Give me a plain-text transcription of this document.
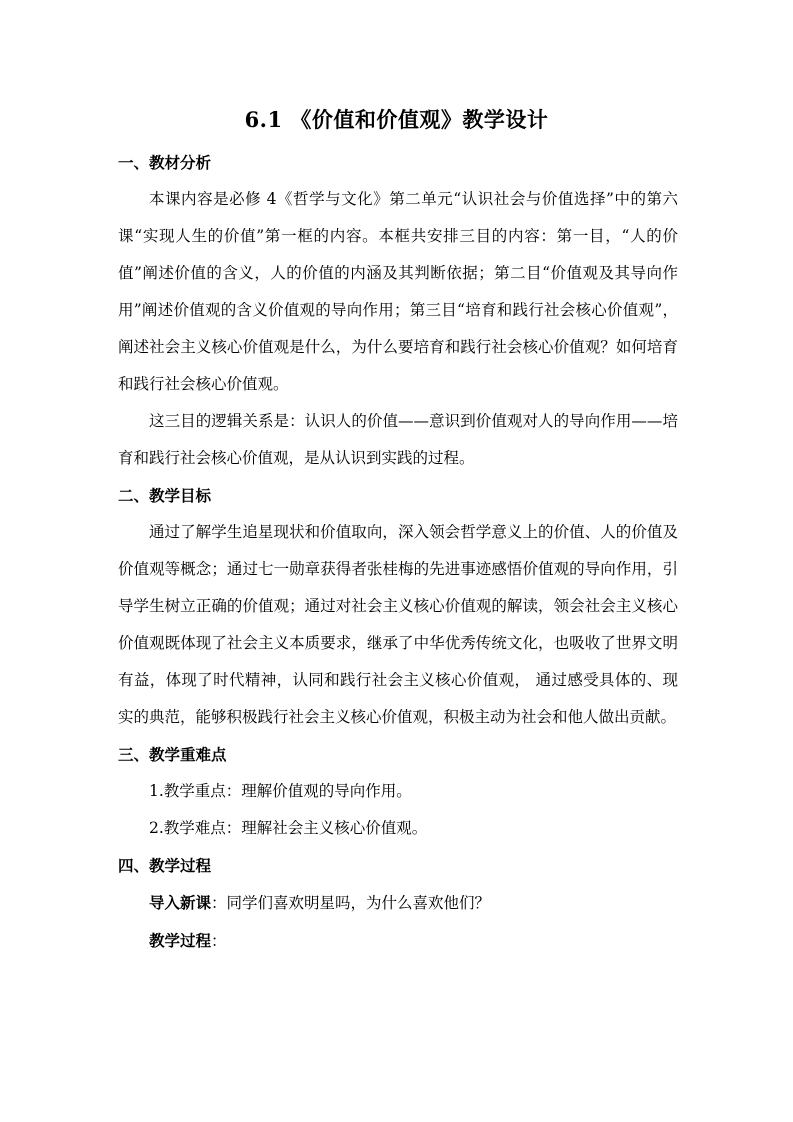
6.1 《价值和价值观》教学设计

一、教材分析

本课内容是必修 4《哲学与文化》第二单元“认识社会与价值选择”中的第六课“实现人生的价值”第一框的内容。本框共安排三目的内容：第一目，“人的价值”阐述价值的含义，人的价值的内涵及其判断依据；第二目“价值观及其导向作用”阐述价值观的含义价值观的导向作用；第三目“培育和践行社会核心价值观”，阐述社会主义核心价值观是什么，为什么要培育和践行社会核心价值观？如何培育和践行社会核心价值观。

这三目的逻辑关系是：认识人的价值——意识到价值观对人的导向作用——培育和践行社会核心价值观，是从认识到实践的过程。

二、教学目标

通过了解学生追星现状和价值取向，深入领会哲学意义上的价值、人的价值及价值观等概念；通过七一勋章获得者张桂梅的先进事迹感悟价值观的导向作用，引导学生树立正确的价值观；通过对社会主义核心价值观的解读，领会社会主义核心价值观既体现了社会主义本质要求，继承了中华优秀传统文化，也吸收了世界文明有益，体现了时代精神，认同和践行社会主义核心价值观， 通过感受具体的、现实的典范，能够积极践行社会主义核心价值观，积极主动为社会和他人做出贡献。

三、教学重难点

1.教学重点：理解价值观的导向作用。

2.教学难点：理解社会主义核心价值观。

四、教学过程

导入新课：同学们喜欢明星吗，为什么喜欢他们？

教学过程：
